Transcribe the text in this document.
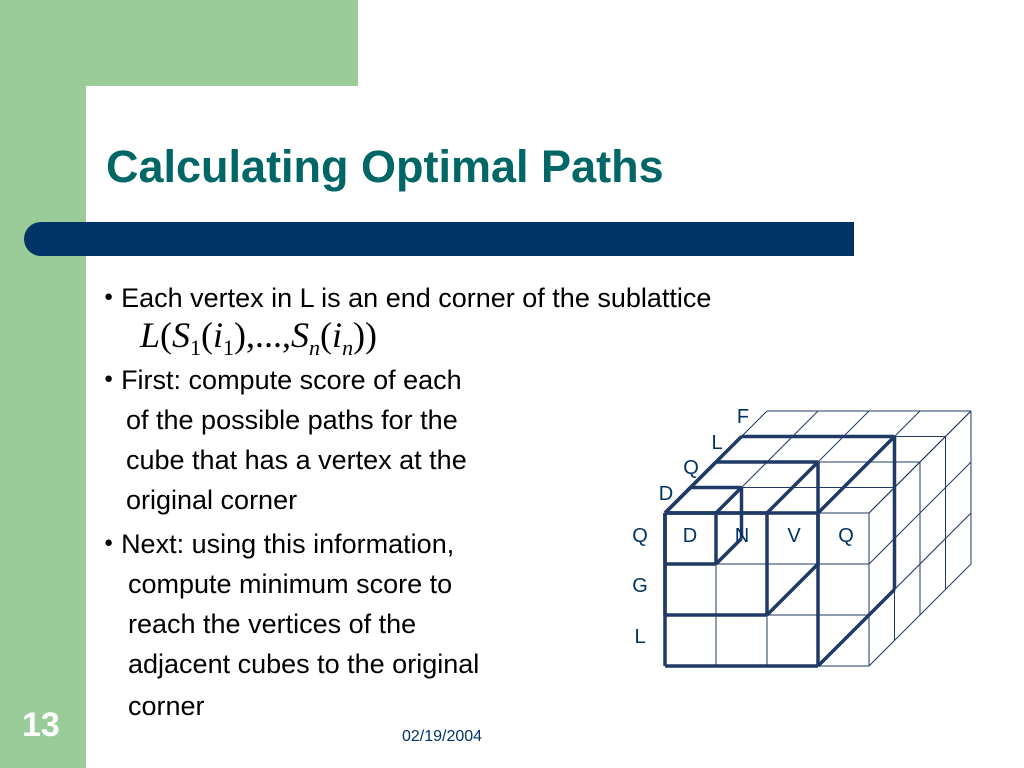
Calculating Optimal Paths
● Each vertex in L is an end corner of the sublattice
$L(S_1(i_1),...,S_n(i_n))$
● First: compute score of each
of the possible paths for the
cube that has a vertex at the
original corner
● Next: using this information,
compute minimum score to
reach the vertices of the
adjacent cubes to the original
corner
D N V Q
Q
G
L
D
Q
L
F

13	02/19/2004
